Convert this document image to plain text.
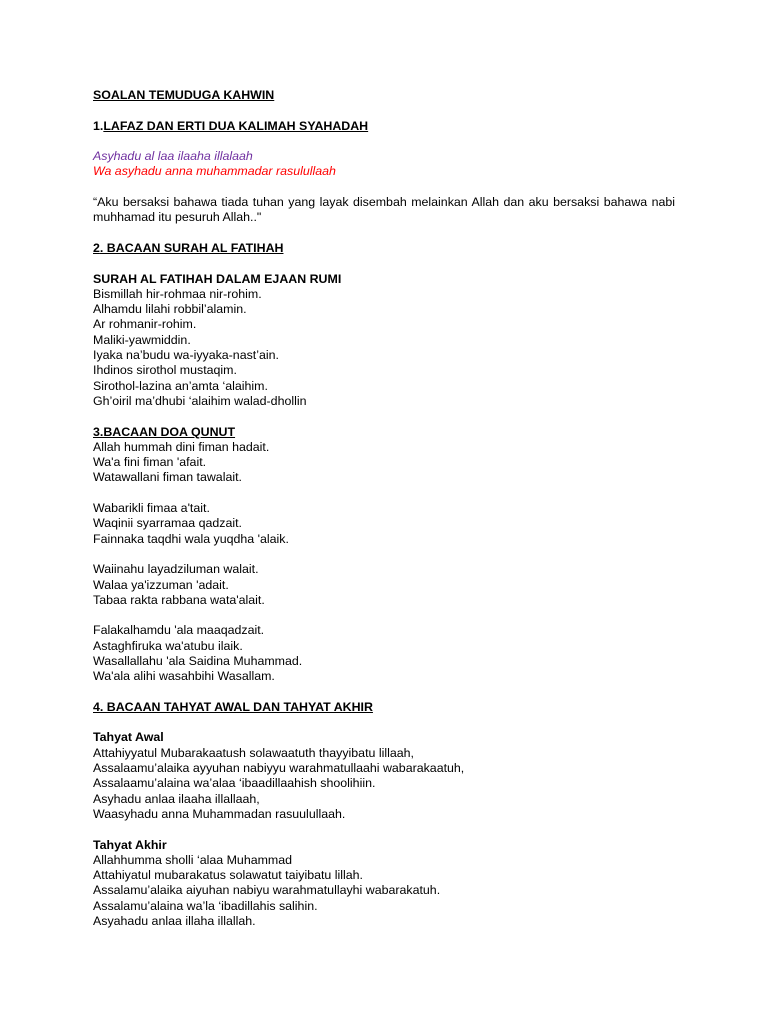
SOALAN TEMUDUGA KAHWIN
1.LAFAZ DAN ERTI DUA KALIMAH SYAHADAH
Asyhadu al laa ilaaha illalaah
Wa asyhadu anna muhammadar rasulullaah
“Aku bersaksi bahawa tiada tuhan yang layak disembah melainkan Allah dan aku bersaksi bahawa nabi muhhamad itu pesuruh Allah.."
2. BACAAN SURAH AL FATIHAH
SURAH AL FATIHAH DALAM EJAAN RUMI
Bismillah hir-rohmaa nir-rohim.
Alhamdu lilahi robbil’alamin.
Ar rohmanir-rohim.
Maliki-yawmiddin.
Iyaka na’budu wa-iyyaka-nast’ain.
Ihdinos sirothol mustaqim.
Sirothol-lazina an’amta ‘alaihim.
Gh’oiril ma’dhubi ‘alaihim walad-dhollin
3.BACAAN DOA QUNUT
Allah hummah dini fiman hadait.
Wa'a fini fiman 'afait.
Watawallani fiman tawalait.
Wabarikli fimaa a'tait.
Waqinii syarramaa qadzait.
Fainnaka taqdhi wala yuqdha 'alaik.
Waiinahu layadziluman walait.
Walaa ya'izzuman 'adait.
Tabaa rakta rabbana wata'alait.
Falakalhamdu 'ala maaqadzait.
Astaghfiruka wa'atubu ilaik.
Wasallallahu 'ala Saidina Muhammad.
Wa'ala alihi wasahbihi Wasallam.
4. BACAAN TAHYAT AWAL DAN TAHYAT AKHIR
Tahyat Awal
Attahiyyatul Mubarakaatush solawaatuth thayyibatu lillaah,
Assalaamu’alaika ayyuhan nabiyyu warahmatullaahi wabarakaatuh,
Assalaamu’alaina wa’alaa ‘ibaadillaahish shoolihiin.
Asyhadu anlaa ilaaha illallaah,
Waasyhadu anna Muhammadan rasuulullaah.
Tahyat Akhir
Allahhumma sholli ‘alaa Muhammad
Attahiyatul mubarakatus solawatut taiyibatu lillah.
Assalamu’alaika aiyuhan nabiyu warahmatullayhi wabarakatuh.
Assalamu’alaina wa’la ‘ibadillahis salihin.
Asyahadu anlaa illaha illallah.
